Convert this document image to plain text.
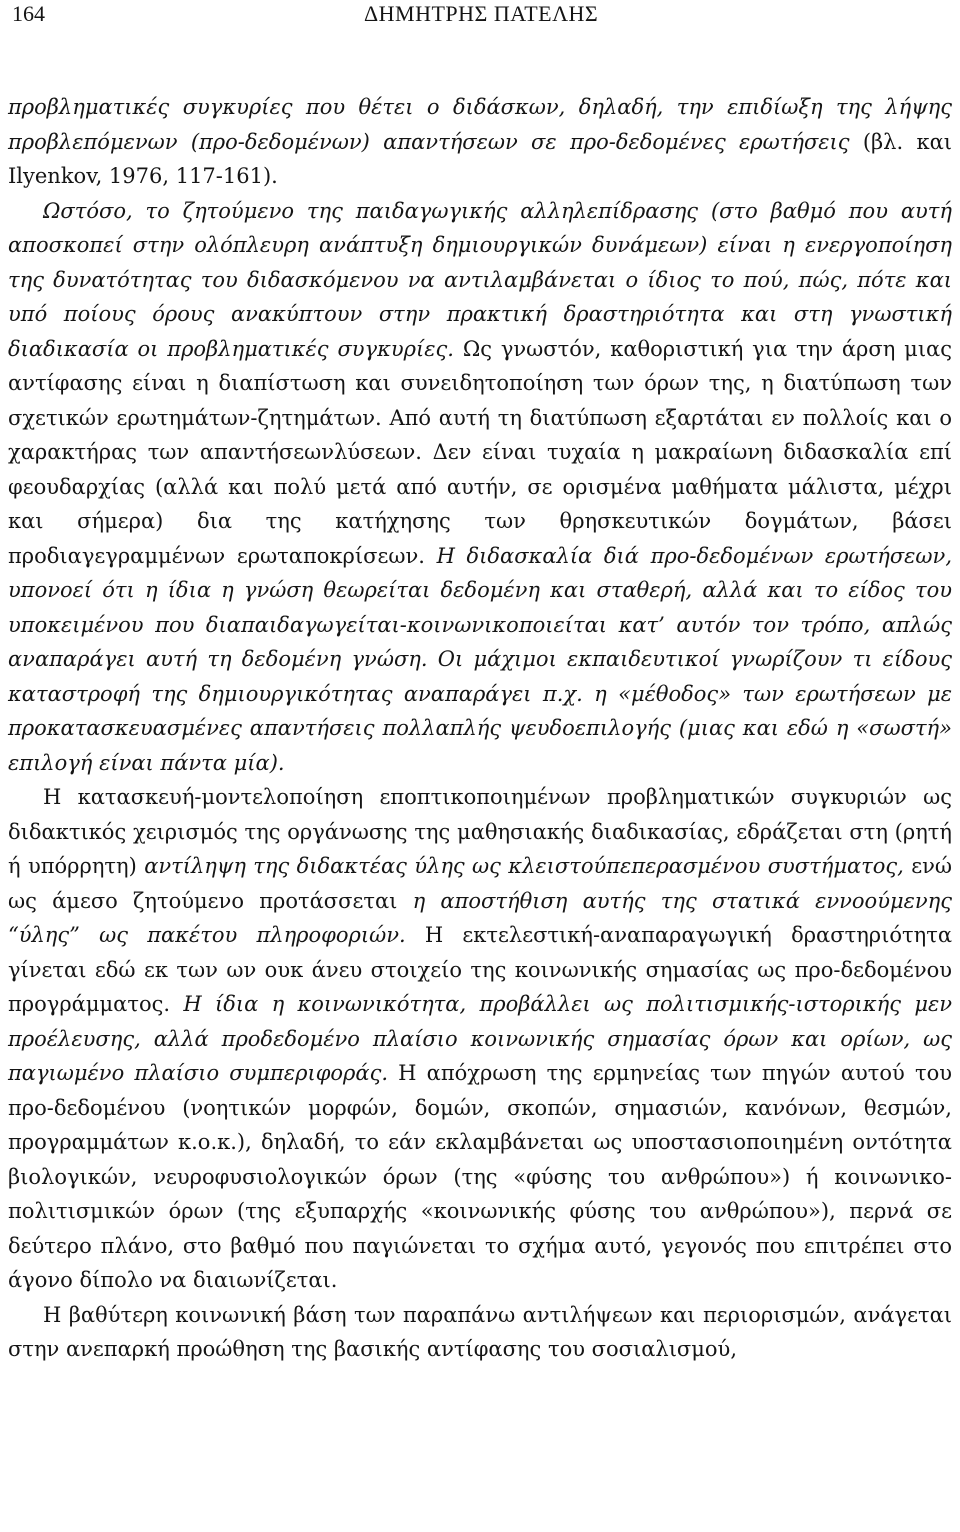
164	ΔΗΜΗΤΡΗΣ ΠΑΤΕΛΗΣ

προβληματικές συγκυρίες που θέτει ο διδάσκων, δηλαδή, την επιδίωξη της λήψης προβλεπόμενων (προ-δεδομένων) απαντήσεων σε προ-δεδομένες ερωτήσεις (βλ. και Ilyenkov, 1976, 117-161).

Ωστόσο, το ζητούμενο της παιδαγωγικής αλληλεπίδρασης (στο βαθμό που αυτή αποσκοπεί στην ολόπλευρη ανάπτυξη δημιουργικών δυνάμεων) είναι η ενεργοποίηση της δυνατότητας του διδασκόμενου να αντιλαμβάνεται ο ίδιος το πού, πώς, πότε και υπό ποίους όρους ανακύπτουν στην πρακτική δραστηριότητα και στη γνωστική διαδικασία οι προβληματικές συγκυρίες. Ως γνωστόν, καθοριστική για την άρση μιας αντίφασης είναι η διαπίστωση και συνειδητοποίηση των όρων της, η διατύπωση των σχετικών ερωτημάτων-ζητημάτων. Από αυτή τη διατύπωση εξαρτάται εν πολλοίς και ο χαρακτήρας των απαντήσεωνλύσεων. Δεν είναι τυχαία η μακραίωνη διδασκαλία επί φεουδαρχίας (αλλά και πολύ μετά από αυτήν, σε ορισμένα μαθήματα μάλιστα, μέχρι και σήμερα) δια της κατήχησης των θρησκευτικών δογμάτων, βάσει προδιαγεγραμμένων ερωταποκρίσεων. Η διδασκαλία διά προ-δεδομένων ερωτήσεων, υπονοεί ότι η ίδια η γνώση θεωρείται δεδομένη και σταθερή, αλλά και το είδος του υποκειμένου που διαπαιδαγωγείται-κοινωνικοποιείται κατ’ αυτόν τον τρόπο, απλώς αναπαράγει αυτή τη δεδομένη γνώση. Οι μάχιμοι εκπαιδευτικοί γνωρίζουν τι είδους καταστροφή της δημιουργικότητας αναπαράγει π.χ. η «μέθοδος» των ερωτήσεων με προκατασκευασμένες απαντήσεις πολλαπλής ψευδοεπιλογής (μιας και εδώ η «σωστή» επιλογή είναι πάντα μία).

Η κατασκευή-μοντελοποίηση εποπτικοποιημένων προβληματικών συγκυριών ως διδακτικός χειρισμός της οργάνωσης της μαθησιακής διαδικασίας, εδράζεται στη (ρητή ή υπόρρητη) αντίληψη της διδακτέας ύλης ως κλειστούπεπερασμένου συστήματος, ενώ ως άμεσο ζητούμενο προτάσσεται η αποστήθιση αυτής της στατικά εννοούμενης “ύλης” ως πακέτου πληροφοριών. Η εκτελεστική-αναπαραγωγική δραστηριότητα γίνεται εδώ εκ των ων ουκ άνευ στοιχείο της κοινωνικής σημασίας ως προ-δεδομένου προγράμματος. Η ίδια η κοινωνικότητα, προβάλλει ως πολιτισμικής-ιστορικής μεν προέλευσης, αλλά προδεδομένο πλαίσιο κοινωνικής σημασίας όρων και ορίων, ως παγιωμένο πλαίσιο συμπεριφοράς. Η απόχρωση της ερμηνείας των πηγών αυτού του προ-δεδομένου (νοητικών μορφών, δομών, σκοπών, σημασιών, κανόνων, θεσμών, προγραμμάτων κ.ο.κ.), δηλαδή, το εάν εκλαμβάνεται ως υποστασιοποιημένη οντότητα βιολογικών, νευροφυσιολογικών όρων (της «φύσης του ανθρώπου») ή κοινωνικοπολιτισμικών όρων (της εξυπαρχής «κοινωνικής φύσης του ανθρώπου»), περνά σε δεύτερο πλάνο, στο βαθμό που παγιώνεται το σχήμα αυτό, γεγονός που επιτρέπει στο άγονο δίπολο να διαιωνίζεται.

Η βαθύτερη κοινωνική βάση των παραπάνω αντιλήψεων και περιορισμών, ανάγεται στην ανεπαρκή προώθηση της βασικής αντίφασης του σοσιαλισμού,
